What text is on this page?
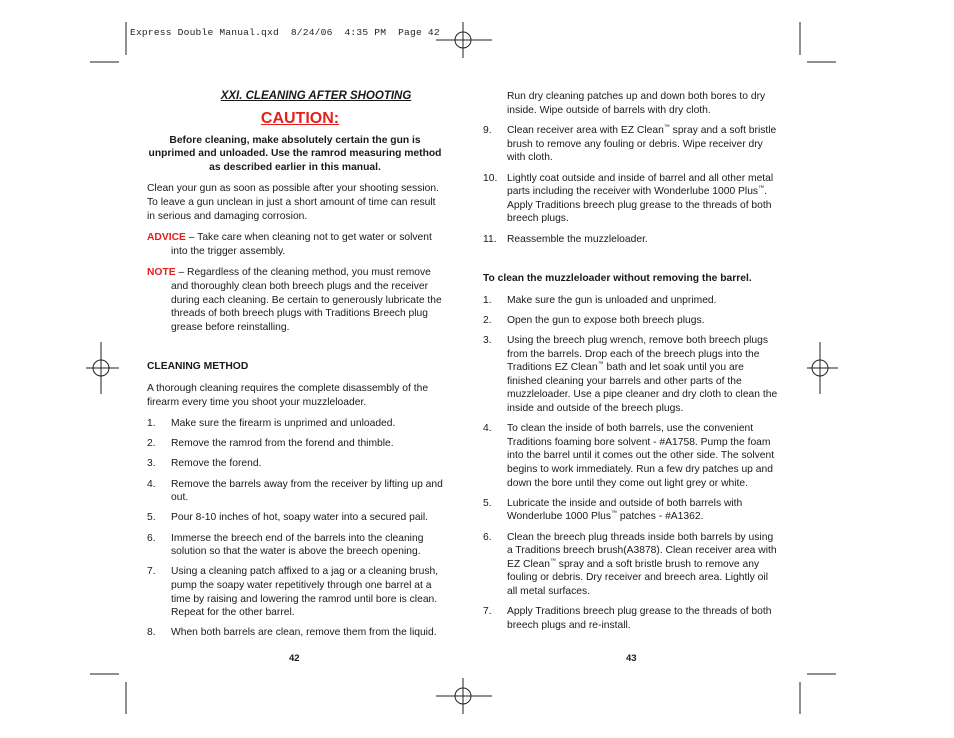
Express Double Manual.qxd  8/24/06  4:35 PM  Page 42
XXI. CLEANING AFTER SHOOTING
CAUTION:
Before cleaning, make absolutely certain the gun is unprimed and unloaded. Use the ramrod measuring method as described earlier in this manual.

Clean your gun as soon as possible after your shooting session. To leave a gun unclean in just a short amount of time can result in serious and damaging corrosion.

ADVICE – Take care when cleaning not to get water or solvent into the trigger assembly.
NOTE – Regardless of the cleaning method, you must remove and thoroughly clean both breech plugs and the receiver during each cleaning. Be certain to generously lubricate the threads of both breech plugs with Traditions Breech plug grease before reinstalling.
CLEANING METHOD

A thorough cleaning requires the complete disassembly of the firearm every time you shoot your muzzleloader.

1.	Make sure the firearm is unprimed and unloaded.
2.	Remove the ramrod from the forend and thimble.
3.	Remove the forend.
4.	Remove the barrels away from the receiver by lifting up and out.
5.	Pour 8-10 inches of hot, soapy water into a secured pail.
6.	Immerse the breech end of the barrels into the cleaning solution so that the water is above the breech opening.
7.	Using a cleaning patch affixed to a jag or a cleaning brush, pump the soapy water repetitively through one barrel at a time by raising and lowering the ramrod until bore is clean. Repeat for the other barrel.
8.	When both barrels are clean, remove them from the liquid.
42
Run dry cleaning patches up and down both bores to dry inside. Wipe outside of barrels with dry cloth.
9.	Clean receiver area with EZ Clean™ spray and a soft bristle brush to remove any fouling or debris. Wipe receiver dry with cloth.
10. Lightly coat outside and inside of barrel and all other metal parts including the receiver with Wonderlube 1000 Plus™. Apply Traditions breech plug grease to the threads of both breech plugs.
11.	Reassemble the muzzleloader.
To clean the muzzleloader without removing the barrel.
1.	Make sure the gun is unloaded and unprimed.
2.	Open the gun to expose both breech plugs.
3.	Using the breech plug wrench, remove both breech plugs from the barrels. Drop each of the breech plugs into the Traditions EZ Clean™ bath and let soak until you are finished cleaning your barrels and other parts of the muzzleloader. Use a pipe cleaner and dry cloth to clean the inside and outside of the breech plugs.
4.	To clean the inside of both barrels, use the convenient Traditions foaming bore solvent - #A1758. Pump the foam into the barrel until it comes out the other side. The solvent begins to work immediately. Run a few dry patches up and down the bore until they come out light grey or white.
5.	Lubricate the inside and outside of both barrels with Wonderlube 1000 Plus™ patches - #A1362.
6.	Clean the breech plug threads inside both barrels by using a Traditions breech brush(A3878). Clean receiver area with EZ Clean™ spray and a soft bristle brush to remove any fouling or debris. Dry receiver and breech area. Lightly oil all metal surfaces.
7.	Apply Traditions breech plug grease to the threads of both breech plugs and re-install.
43
